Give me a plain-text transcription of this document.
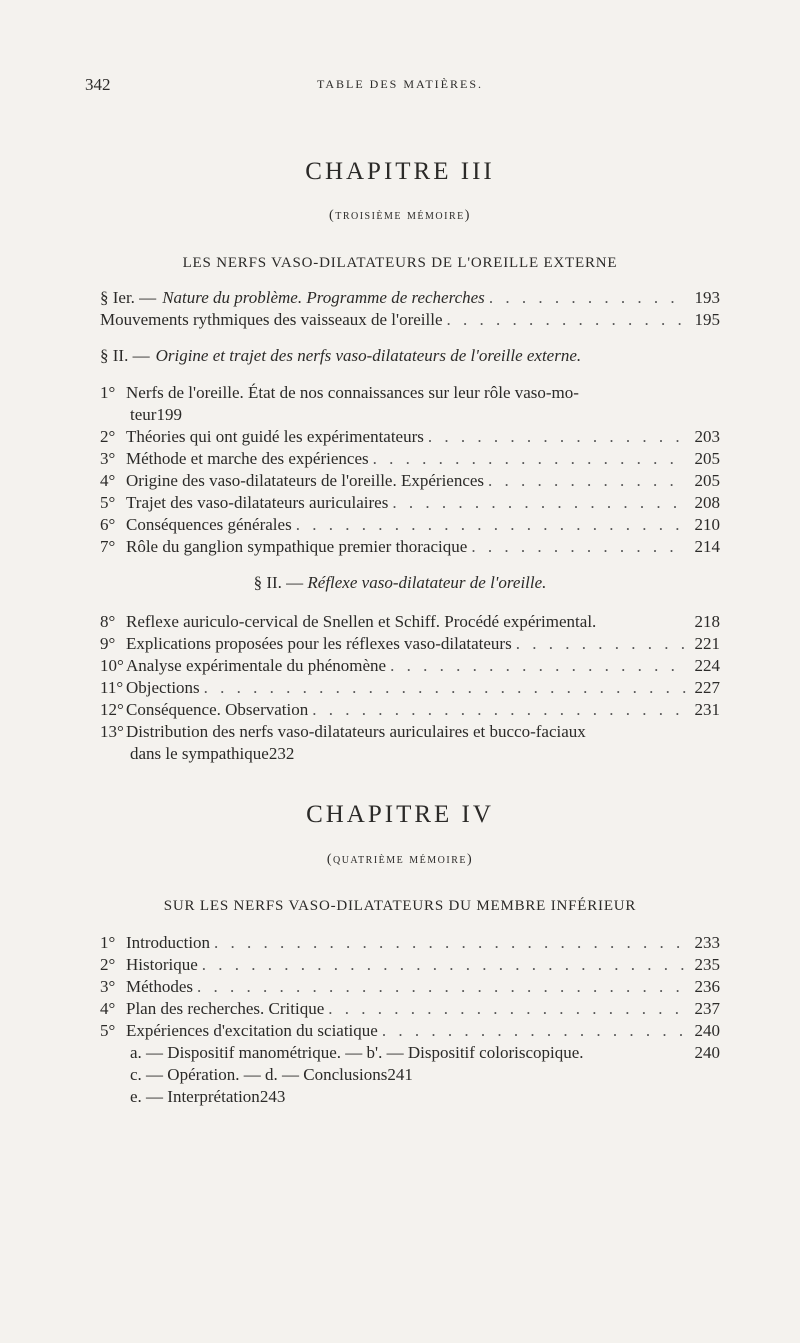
342	TABLE DES MATIÈRES.
CHAPITRE III
(troisième mémoire)
LES NERFS VASO-DILATATEURS DE L'OREILLE EXTERNE
§ Ier. — Nature du problème. Programme de recherches . . .	193
Mouvements rythmiques des vaisseaux de l'oreille . . .	195
§ II. — Origine et trajet des nerfs vaso-dilatateurs de l'oreille externe.
1° Nerfs de l'oreille. État de nos connaissances sur leur rôle vaso-mo-
teur 199
2° Théories qui ont guidé les expérimentateurs . . .	203
3° Méthode et marche des expériences . . .	205
4° Origine des vaso-dilatateurs de l'oreille. Expériences . . .	205
5° Trajet des vaso-dilatateurs auriculaires . . .	208
6° Conséquences générales . . .	210
7° Rôle du ganglion sympathique premier thoracique . . .	214
§ II. — Réflexe vaso-dilatateur de l'oreille.
8° Reflexe auriculo-cervical de Snellen et Schiff. Procédé expérimental.	218
9° Explications proposées pour les réflexes vaso-dilatateurs . . .	221
10° Analyse expérimentale du phénomène . . .	224
11° Objections . . .	227
12° Conséquence. Observation . . .	231
13° Distribution des nerfs vaso-dilatateurs auriculaires et bucco-faciaux
dans le sympathique 232
CHAPITRE IV
(quatrième mémoire)
SUR LES NERFS VASO-DILATATEURS DU MEMBRE INFÉRIEUR
1° Introduction . . .	233
2° Historique . . .	235
3° Méthodes . . .	236
4° Plan des recherches. Critique . . .	237
5° Expériences d'excitation du sciatique . . .	240
a. — Dispositif manométrique. — b'. — Dispositif coloriscopique.	240
c. — Opération. — d. — Conclusions 241
e. — Interprétation 243
